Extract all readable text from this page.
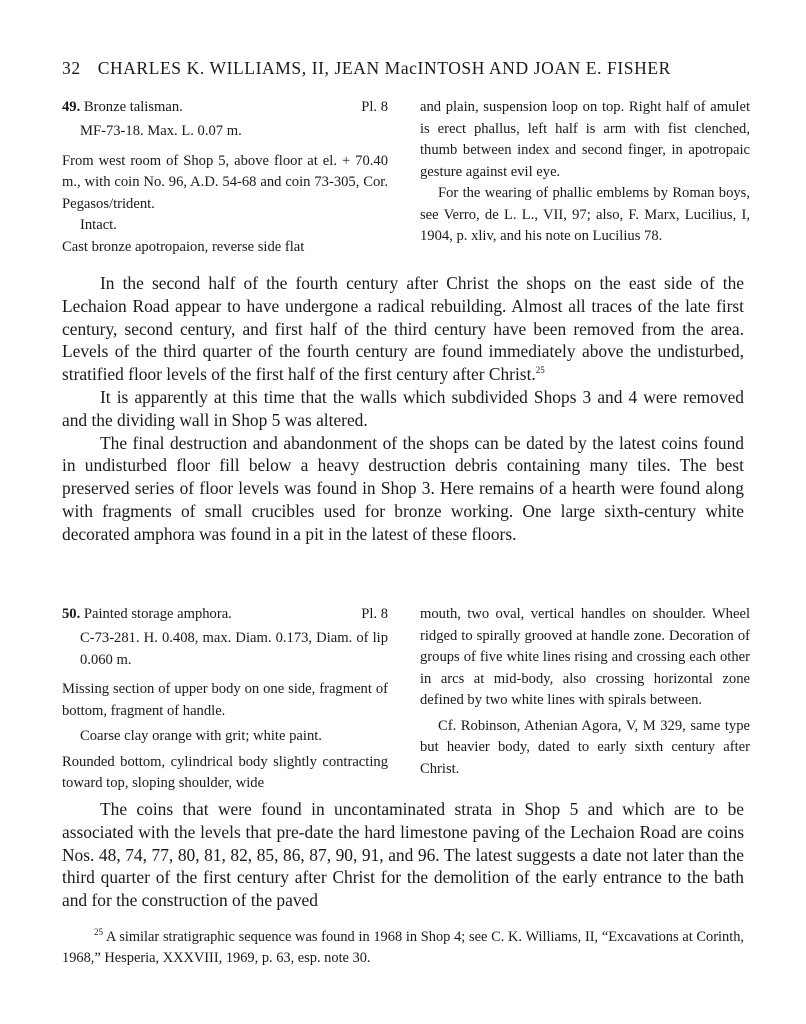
32 CHARLES K. WILLIAMS, II, JEAN MacINTOSH AND JOAN E. FISHER
49. Bronze talisman.	Pl. 8
MF-73-18. Max. L. 0.07 m.

From west room of Shop 5, above floor at el. + 70.40 m., with coin No. 96, A.D. 54-68 and coin 73-305, Cor. Pegasos/trident.

Intact.

Cast bronze apotropaion, reverse side flat

and plain, suspension loop on top. Right half of amulet is erect phallus, left half is arm with fist clenched, thumb between index and second finger, in apotropaic gesture against evil eye.

For the wearing of phallic emblems by Roman boys, see Verro, de L. L., VII, 97; also, F. Marx, Lucilius, I, 1904, p. xliv, and his note on Lucilius 78.

In the second half of the fourth century after Christ the shops on the east side of the Lechaion Road appear to have undergone a radical rebuilding. Almost all traces of the late first century, second century, and first half of the third century have been removed from the area. Levels of the third quarter of the fourth century are found immediately above the undisturbed, stratified floor levels of the first half of the first century after Christ.$^{25}$

It is apparently at this time that the walls which subdivided Shops 3 and 4 were removed and the dividing wall in Shop 5 was altered.

The final destruction and abandonment of the shops can be dated by the latest coins found in undisturbed floor fill below a heavy destruction debris containing many tiles. The best preserved series of floor levels was found in Shop 3. Here remains of a hearth were found along with fragments of small crucibles used for bronze working. One large sixth-century white decorated amphora was found in a pit in the latest of these floors.

50. Painted storage amphora.	Pl. 8
C-73-281. H. 0.408, max. Diam. 0.173, Diam. of lip 0.060 m.

Missing section of upper body on one side, fragment of bottom, fragment of handle.

Coarse clay orange with grit; white paint.

Rounded bottom, cylindrical body slightly contracting toward top, sloping shoulder, wide

mouth, two oval, vertical handles on shoulder. Wheel ridged to spirally grooved at handle zone. Decoration of groups of five white lines rising and crossing each other in arcs at mid-body, also crossing horizontal zone defined by two white lines with spirals between.

Cf. Robinson, Athenian Agora, V, M 329, same type but heavier body, dated to early sixth century after Christ.

The coins that were found in uncontaminated strata in Shop 5 and which are to be associated with the levels that pre-date the hard limestone paving of the Lechaion Road are coins Nos. 48, 74, 77, 80, 81, 82, 85, 86, 87, 90, 91, and 96. The latest suggests a date not later than the third quarter of the first century after Christ for the demolition of the early entrance to the bath and for the construction of the paved

$^{25}$ A similar stratigraphic sequence was found in 1968 in Shop 4; see C. K. Williams, II, “Excavations at Corinth, 1968,” Hesperia, XXXVIII, 1969, p. 63, esp. note 30.
